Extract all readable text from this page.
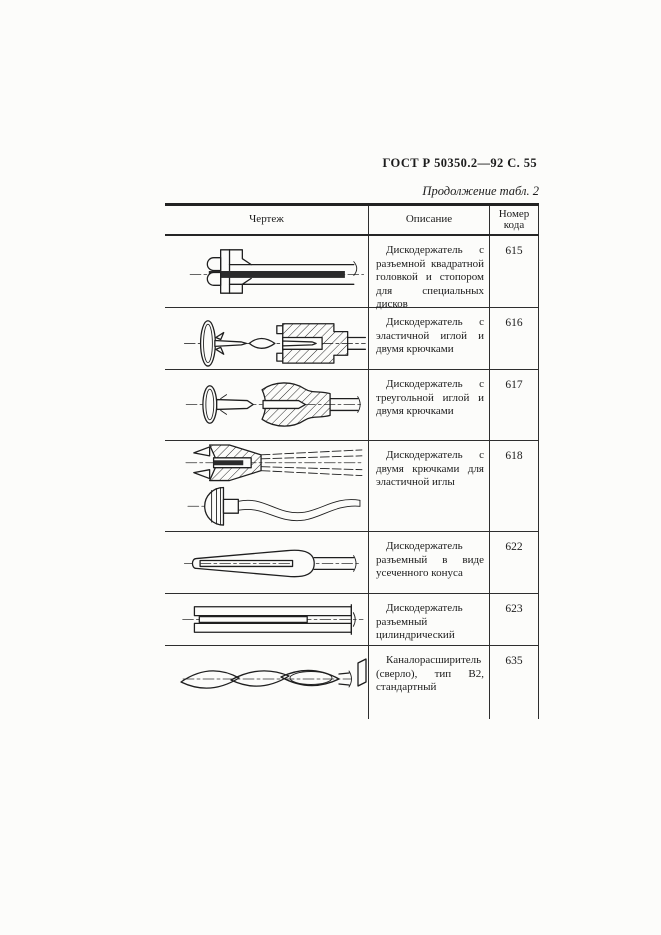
ГОСТ Р 50350.2—92 С. 55
Продолжение табл. 2
Чертеж	Описание	Номер кода
Дискодержатель с разъемной квадратной головкой и стопором для специальных дисков
615
Дискодержатель с эластичной иглой и двумя крючками
616
Дискодержатель с треугольной иглой и двумя крючками
617
Дискодержатель с двумя крючками для эластичной иглы
618
Дискодержатель разъемный в виде усеченного конуса
622
Дискодержатель разъемный цилиндрический
623
Каналорасширитель (сверло), тип В2, стандартный
635
